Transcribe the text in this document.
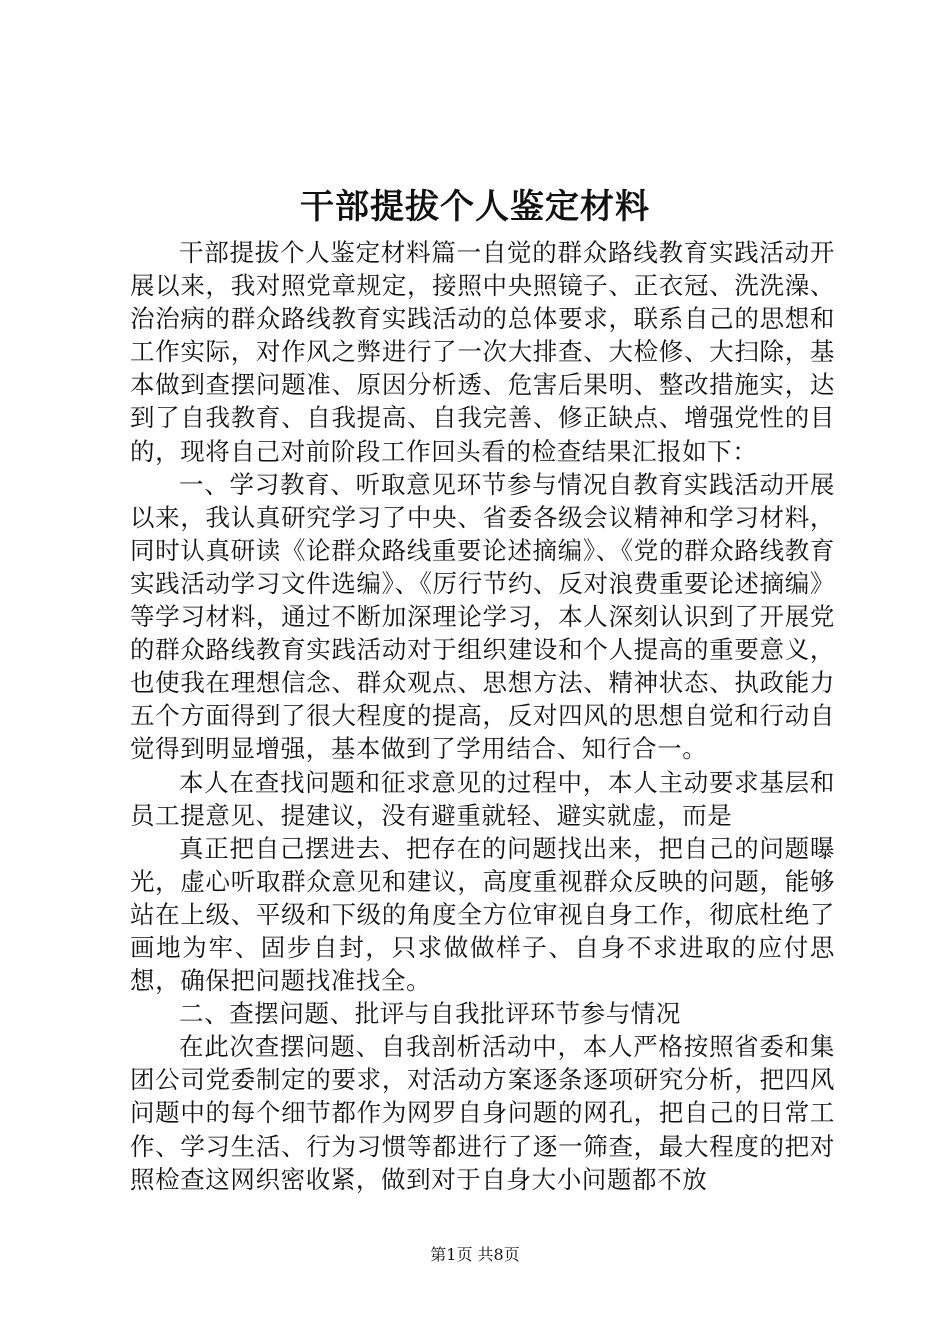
干部提拔个人鉴定材料

干部提拔个人鉴定材料篇一自觉的群众路线教育实践活动开展以来，我对照党章规定，接照中央照镜子、正衣冠、洗洗澡、治治病的群众路线教育实践活动的总体要求，联系自己的思想和工作实际，对作风之弊进行了一次大排查、大检修、大扫除，基本做到查摆问题准、原因分析透、危害后果明、整改措施实，达到了自我教育、自我提高、自我完善、修正缺点、增强党性的目的，现将自己对前阶段工作回头看的检查结果汇报如下：

一、学习教育、听取意见环节参与情况自教育实践活动开展以来，我认真研究学习了中央、省委各级会议精神和学习材料，同时认真研读《论群众路线重要论述摘编》、《党的群众路线教育实践活动学习文件选编》、《厉行节约、反对浪费重要论述摘编》等学习材料，通过不断加深理论学习，本人深刻认识到了开展党的群众路线教育实践活动对于组织建设和个人提高的重要意义，也使我在理想信念、群众观点、思想方法、精神状态、执政能力五个方面得到了很大程度的提高，反对四风的思想自觉和行动自觉得到明显增强，基本做到了学用结合、知行合一。

本人在查找问题和征求意见的过程中，本人主动要求基层和员工提意见、提建议，没有避重就轻、避实就虚，而是

真正把自己摆进去、把存在的问题找出来，把自己的问题曝光，虚心听取群众意见和建议，高度重视群众反映的问题，能够站在上级、平级和下级的角度全方位审视自身工作，彻底杜绝了画地为牢、固步自封，只求做做样子、自身不求进取的应付思想，确保把问题找准找全。

二、查摆问题、批评与自我批评环节参与情况

在此次查摆问题、自我剖析活动中，本人严格按照省委和集团公司党委制定的要求，对活动方案逐条逐项研究分析，把四风问题中的每个细节都作为网罗自身问题的网孔，把自己的日常工作、学习生活、行为习惯等都进行了逐一筛查，最大程度的把对照检查这网织密收紧，做到对于自身大小问题都不放

第1页 共8页
